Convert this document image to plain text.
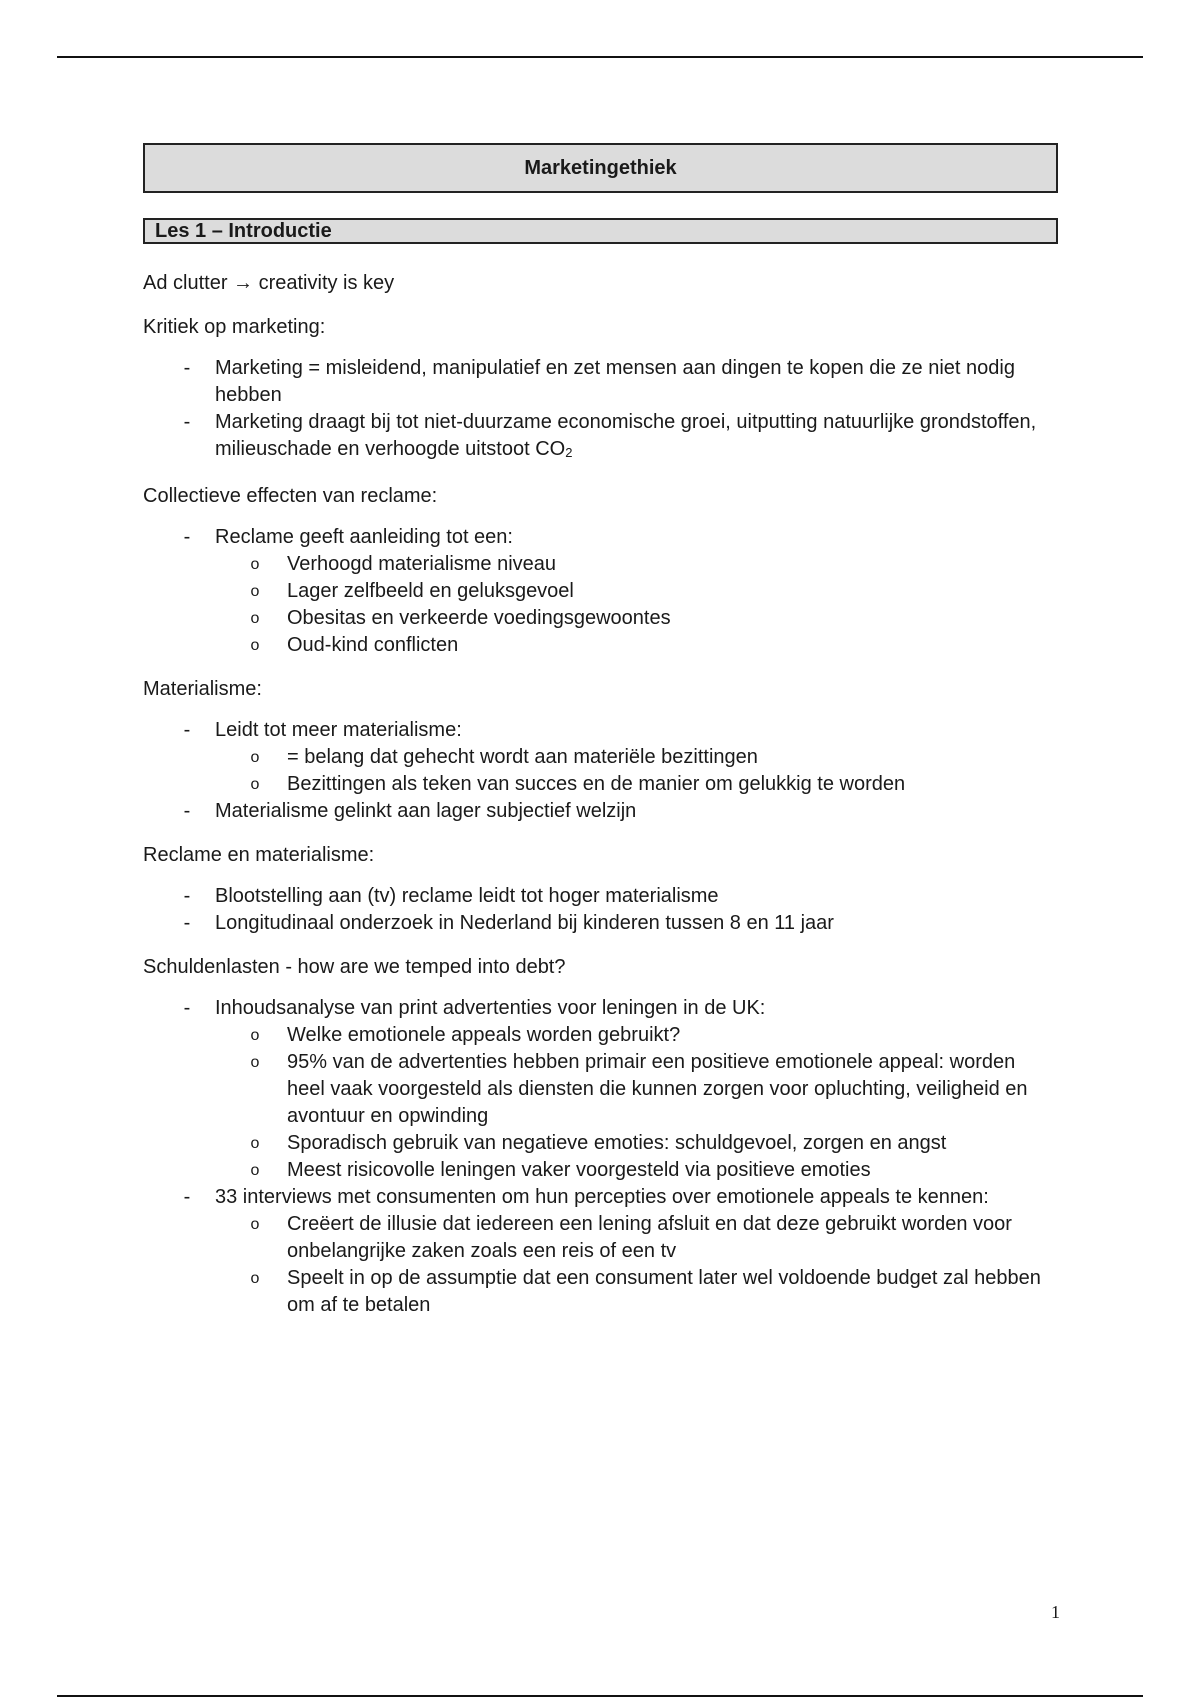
Marketingethiek
Les 1 – Introductie
Ad clutter → creativity is key
Kritiek op marketing:
- Marketing = misleidend, manipulatief en zet mensen aan dingen te kopen die ze niet nodig hebben
- Marketing draagt bij tot niet-duurzame economische groei, uitputting natuurlijke grondstoffen, milieuschade en verhoogde uitstoot $CO_2$
Collectieve effecten van reclame:
- Reclame geeft aanleiding tot een:
o Verhoogd materialisme niveau
o Lager zelfbeeld en geluksgevoel
o Obesitas en verkeerde voedingsgewoontes
o Oud-kind conflicten
Materialisme:
- Leidt tot meer materialisme:
o = belang dat gehecht wordt aan materiële bezittingen
o Bezittingen als teken van succes en de manier om gelukkig te worden
- Materialisme gelinkt aan lager subjectief welzijn
Reclame en materialisme:
- Blootstelling aan (tv) reclame leidt tot hoger materialisme
- Longitudinaal onderzoek in Nederland bij kinderen tussen 8 en 11 jaar
Schuldenlasten - how are we temped into debt?
- Inhoudsanalyse van print advertenties voor leningen in de UK:
o Welke emotionele appeals worden gebruikt?
o 95% van de advertenties hebben primair een positieve emotionele appeal: worden heel vaak voorgesteld als diensten die kunnen zorgen voor opluchting, veiligheid en avontuur en opwinding
o Sporadisch gebruik van negatieve emoties: schuldgevoel, zorgen en angst
o Meest risicovolle leningen vaker voorgesteld via positieve emoties
- 33 interviews met consumenten om hun percepties over emotionele appeals te kennen:
o Creëert de illusie dat iedereen een lening afsluit en dat deze gebruikt worden voor onbelangrijke zaken zoals een reis of een tv
o Speelt in op de assumptie dat een consument later wel voldoende budget zal hebben om af te betalen
1
